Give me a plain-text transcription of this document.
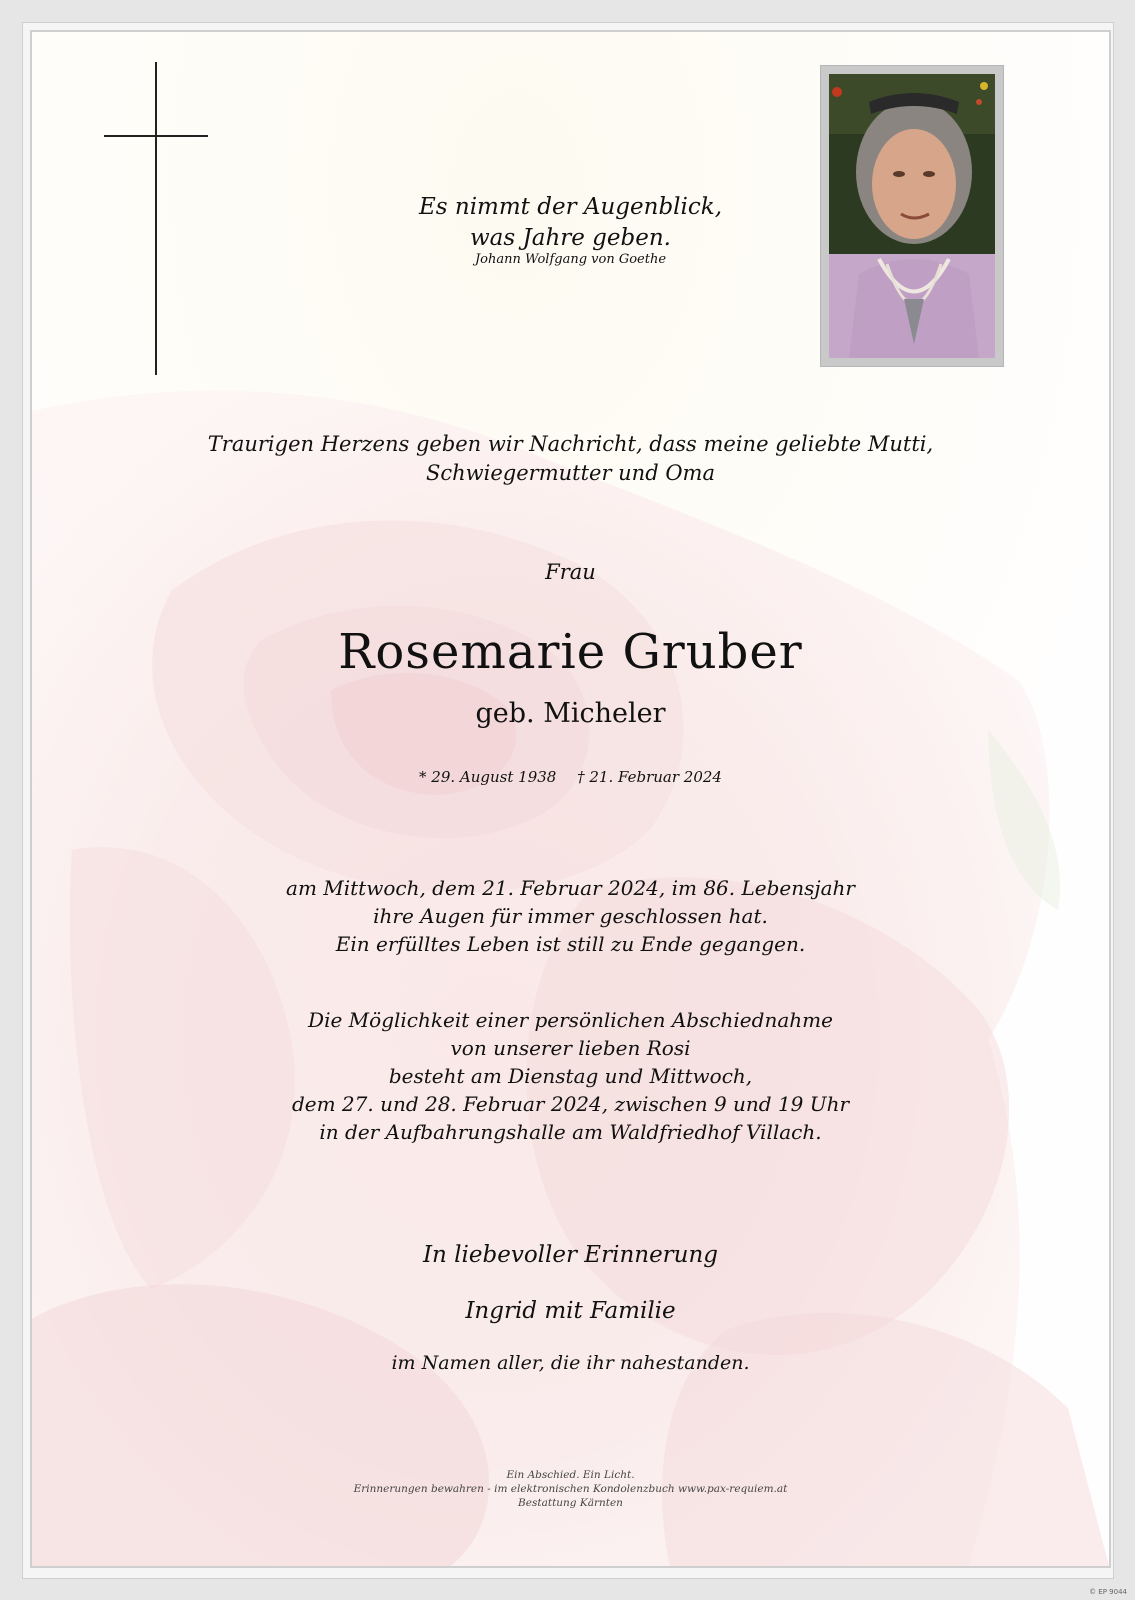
Es nimmt der Augenblick,
was Jahre geben.
Johann Wolfgang von Goethe
Traurigen Herzens geben wir Nachricht, dass meine geliebte Mutti,
Schwiegermutter und Oma
Frau
Rosemarie Gruber
geb. Micheler
* 29. August 1938 † 21. Februar 2024
am Mittwoch, dem 21. Februar 2024, im 86. Lebensjahr
ihre Augen für immer geschlossen hat.
Ein erfülltes Leben ist still zu Ende gegangen.
Die Möglichkeit einer persönlichen Abschiednahme
von unserer lieben Rosi
besteht am Dienstag und Mittwoch,
dem 27. und 28. Februar 2024, zwischen 9 und 19 Uhr
in der Aufbahrungshalle am Waldfriedhof Villach.
In liebevoller Erinnerung
Ingrid mit Familie
im Namen aller, die ihr nahestanden.
Ein Abschied. Ein Licht.
Erinnerungen bewahren - im elektronischen Kondolenzbuch www.pax-requiem.at
Bestattung Kärnten
© EP 9044
